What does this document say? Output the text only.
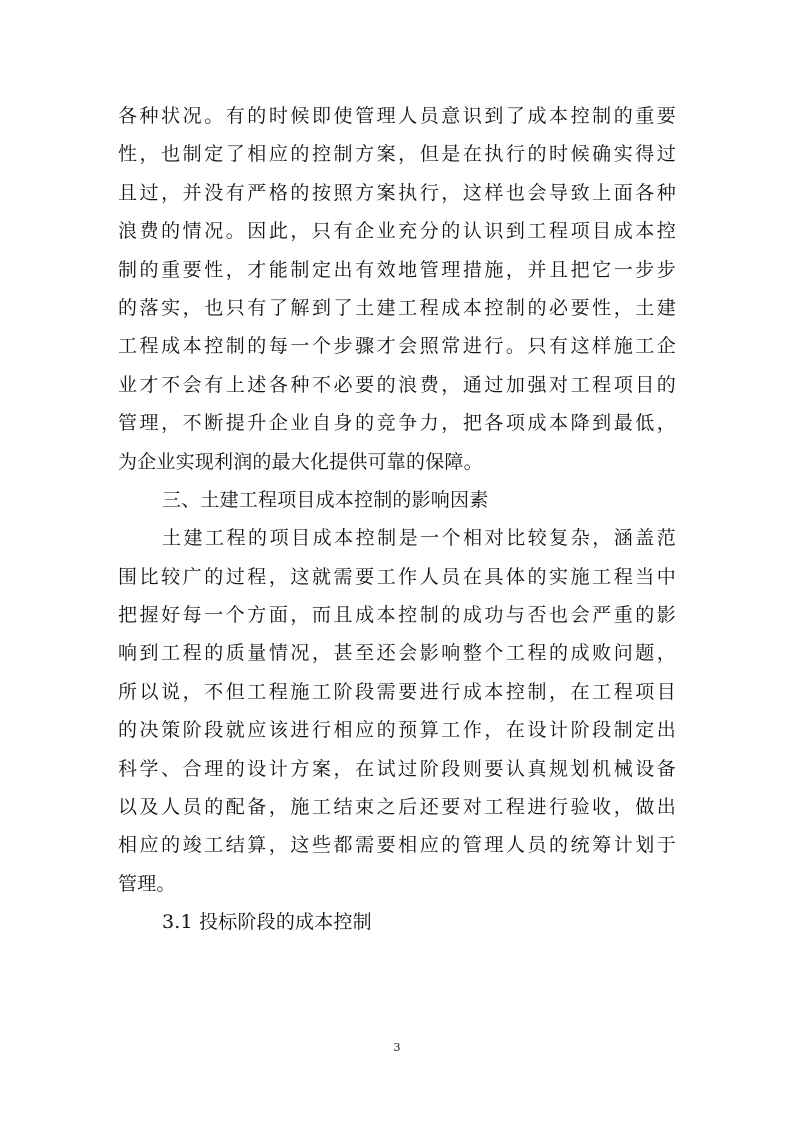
各种状况。有的时候即使管理人员意识到了成本控制的重要
性，也制定了相应的控制方案，但是在执行的时候确实得过
且过，并没有严格的按照方案执行，这样也会导致上面各种
浪费的情况。因此，只有企业充分的认识到工程项目成本控
制的重要性，才能制定出有效地管理措施，并且把它一步步
的落实，也只有了解到了土建工程成本控制的必要性，土建
工程成本控制的每一个步骤才会照常进行。只有这样施工企
业才不会有上述各种不必要的浪费，通过加强对工程项目的
管理，不断提升企业自身的竞争力，把各项成本降到最低，
为企业实现利润的最大化提供可靠的保障。
三、土建工程项目成本控制的影响因素
土建工程的项目成本控制是一个相对比较复杂，涵盖范
围比较广的过程，这就需要工作人员在具体的实施工程当中
把握好每一个方面，而且成本控制的成功与否也会严重的影
响到工程的质量情况，甚至还会影响整个工程的成败问题，
所以说，不但工程施工阶段需要进行成本控制，在工程项目
的决策阶段就应该进行相应的预算工作，在设计阶段制定出
科学、合理的设计方案，在试过阶段则要认真规划机械设备
以及人员的配备，施工结束之后还要对工程进行验收，做出
相应的竣工结算，这些都需要相应的管理人员的统筹计划于
管理。
3.1 投标阶段的成本控制
3
